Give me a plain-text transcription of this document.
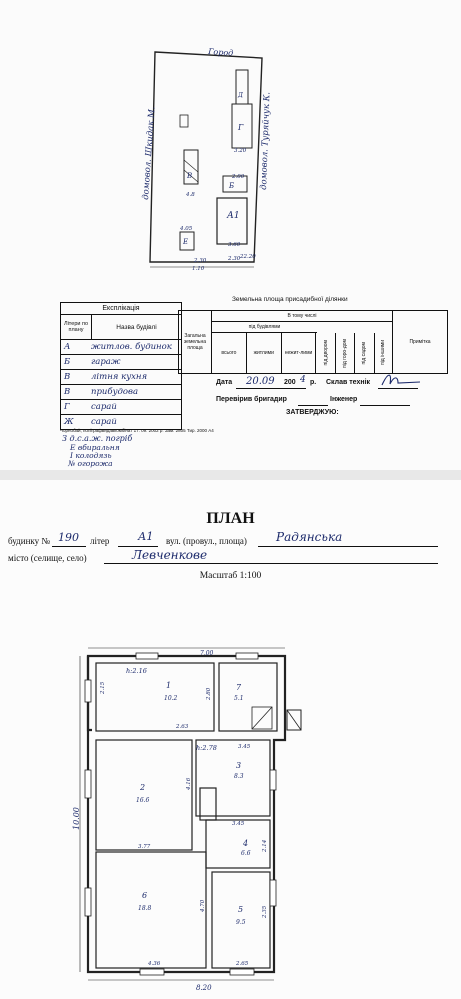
Город
домовол. Шкидак М.	домовол. Туряйчук К.
Г
В
Б
Д
Е
А1
2.00
3.20
4.05
2.30
3.60
1.10
22.20
2.30
4.8
Експлікація
Літери по плану	Назва будівлі
А	житлов. будинок
Б	гараж
В	літня кухня
В	прибудова
Г	сарай
Ж	сарай
З д.с.а.ж. погріб
Е вбиральня
І колодязь
№ огорожа
Земельна площа присадибної ділянки
Загальна земельна площа
В тому числі
під будівлями
всього	житлими	нежит-лими	під двором	під горо-дом	під садом	під іншими	Примітка
Дата 20.09 200 4 р. Склав технік
Перевірив бригадир	Інженер
ЗАТВЕРДЖУЮ:
Чорнобай, поліграфвидавкомбінат 17. 09. 2002 р. Зам. 2805 Тир. 2000 А4
ПЛАН
будинку № 190 літер	А1 вул. (провул., площа) Радянська
місто (селище, село)	Левченкове
Масштаб 1:100
7.00
10.00
8.20
h:2.16
h:2.78
1
10.2
7
5.1
2
16.6
3
8.3
4
6.6
6
18.8	5
9.5
2.63
2.80
3.45
3.45
2.14
3.77
4.70
4.36	2.65
2.35
4.16
2.15
